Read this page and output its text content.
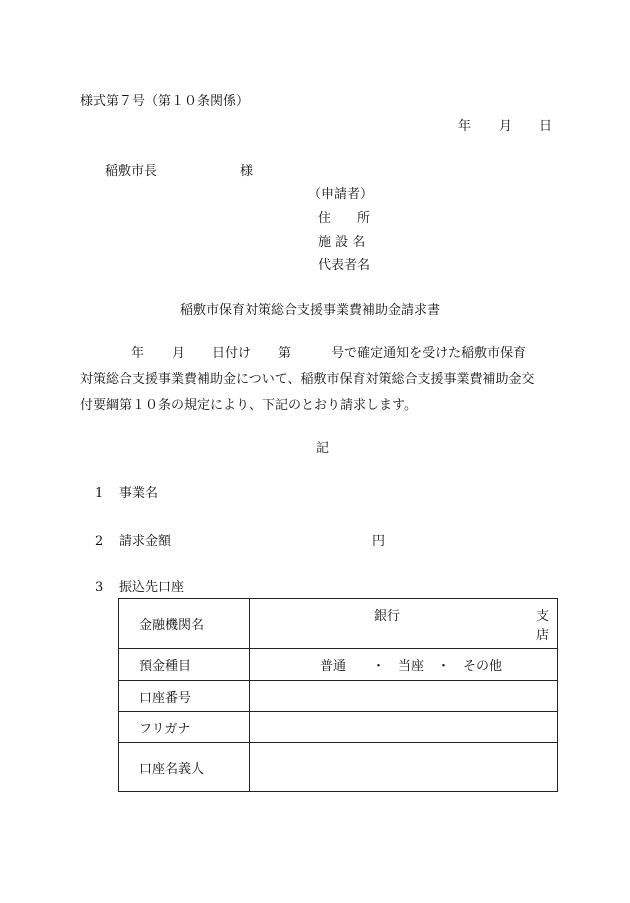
様式第７号（第１０条関係）
年 月 日
稲敷市長	様
（申請者）
住　　所
施 設 名
代表者名
稲敷市保育対策総合支援事業費補助金請求書
年 月 日付け 第	号で確定通知を受けた稲敷市保育
対策総合支援事業費補助金について、稲敷市保育対策総合支援事業費補助金交
付要綱第１０条の規定により、下記のとおり請求します。
記
1 事業名
2 請求金額	円
3 振込先口座
金融機関名	銀行 支店

預金種目	普通　　・　当座　・　その他
口座番号	
フリガナ	
口座名義人	
